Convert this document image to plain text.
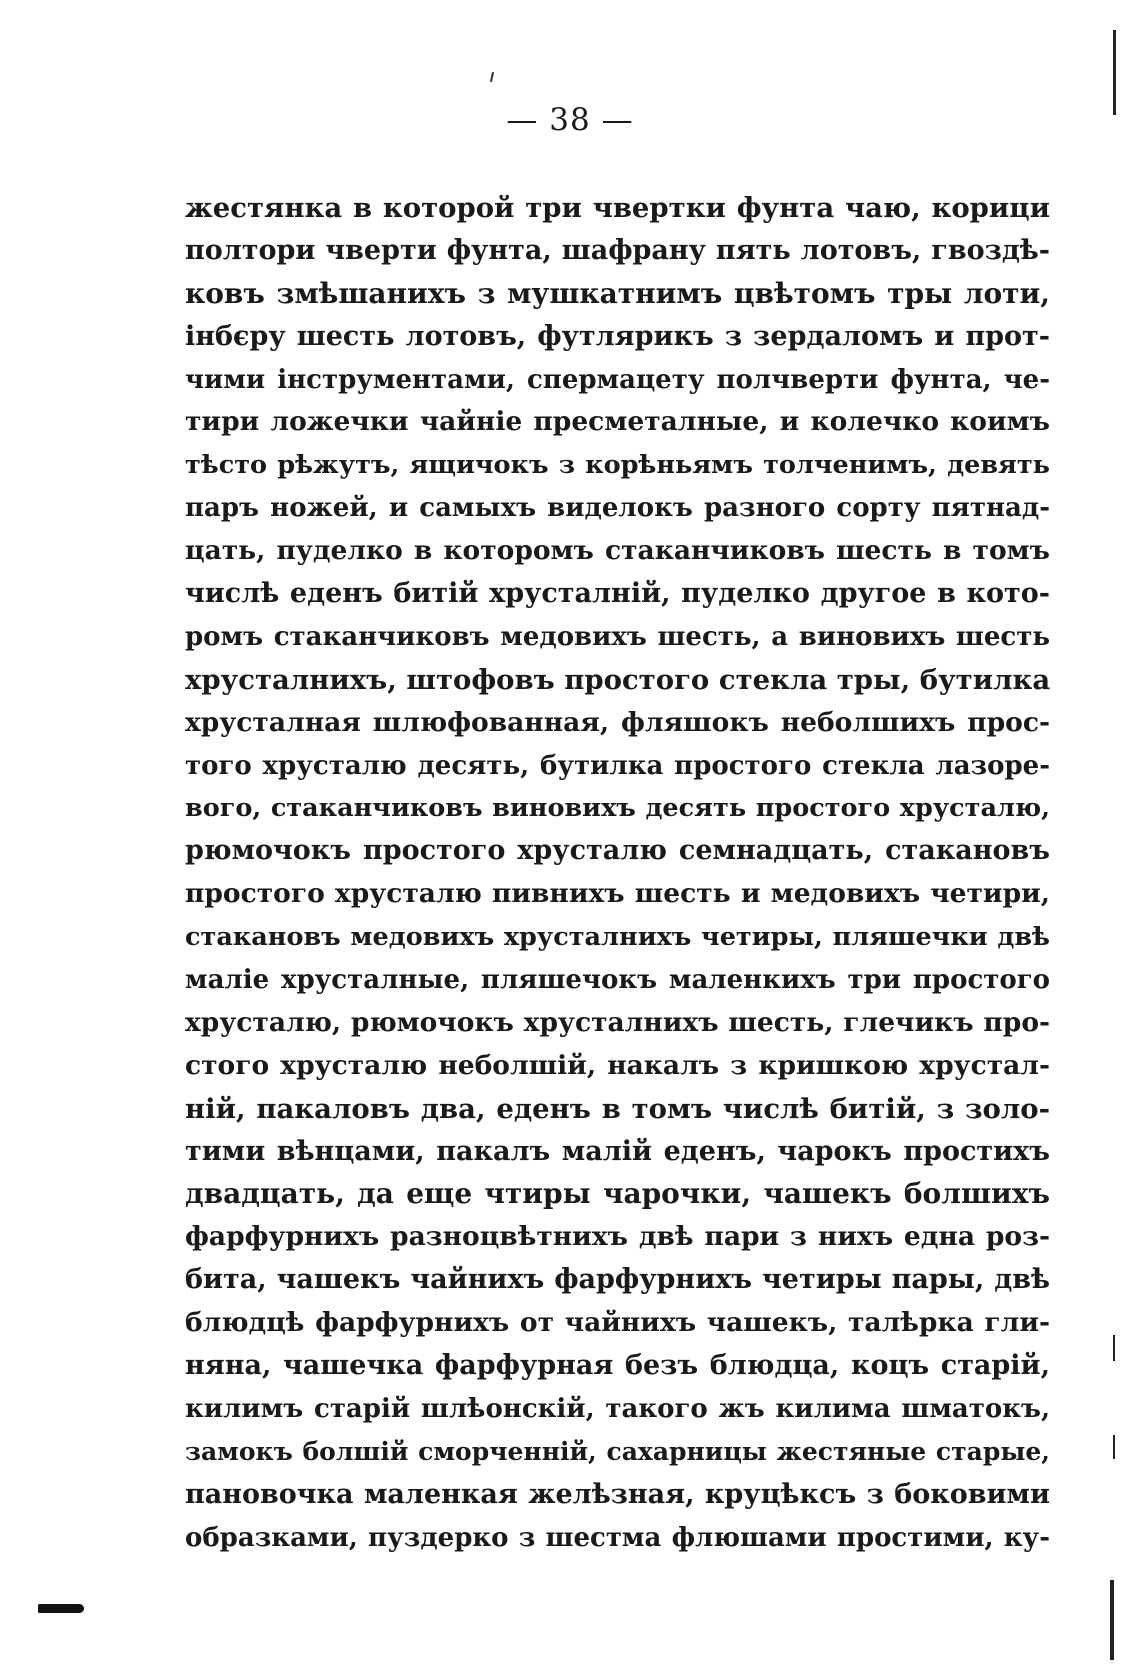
— 38 —
жестянка в которой три чвертки фунта чаю, корици
полтори чверти фунта, шафрану пять лотовъ, гвоздѣ-
ковъ змѣшанихъ з мушкатнимъ цвѣтомъ тры лоти,
інбєру шесть лотовъ, футлярикъ з зердаломъ и прот-
чими інструментами, спермацету полчверти фунта, че-
тири ложечки чайніе пресметалные, и колечко коимъ
тѣсто рѣжутъ, ящичокъ з корѣньямъ толченимъ, девять
паръ ножей, и самыхъ виделокъ разного сорту пятнад-
цать, пуделко в которомъ стаканчиковъ шесть в томъ
числѣ еденъ битій хрусталній, пуделко другое в кото-
ромъ стаканчиковъ медовихъ шесть, а виновихъ шесть
хрусталнихъ, штофовъ простого стекла тры, бутилка
хрусталная шлюфованная, фляшокъ неболшихъ прос-
того хрусталю десять, бутилка простого стекла лазоре-
вого, стаканчиковъ виновихъ десять простого хрусталю,
рюмочокъ простого хрусталю семнадцать, стакановъ
простого хрусталю пивнихъ шесть и медовихъ четири,
стакановъ медовихъ хрусталнихъ четиры, пляшечки двѣ
маліе хрусталные, пляшечокъ маленкихъ три простого
хрусталю, рюмочокъ хрусталнихъ шесть, глечикъ про-
стого хрусталю неболшій, накалъ з кришкою хрустал-
ній, пакаловъ два, еденъ в томъ числѣ битій, з золо-
тими вѣнцами, пакалъ малій еденъ, чарокъ простихъ
двадцать, да еще чтиры чарочки, чашекъ болшихъ
фарфурнихъ разноцвѣтнихъ двѣ пари з нихъ една роз-
бита, чашекъ чайнихъ фарфурнихъ четиры пары, двѣ
блюдцѣ фарфурнихъ от чайнихъ чашекъ, талѣрка гли-
няна, чашечка фарфурная безъ блюдца, коцъ старій,
килимъ старій шлѣонскій, такого жъ килима шматокъ,
замокъ болшій сморченній, сахарницы жестяные старые,
пановочка маленкая желѣзная, круцѣксъ з боковими
образками, пуздерко з шестма флюшами простими, ку-
